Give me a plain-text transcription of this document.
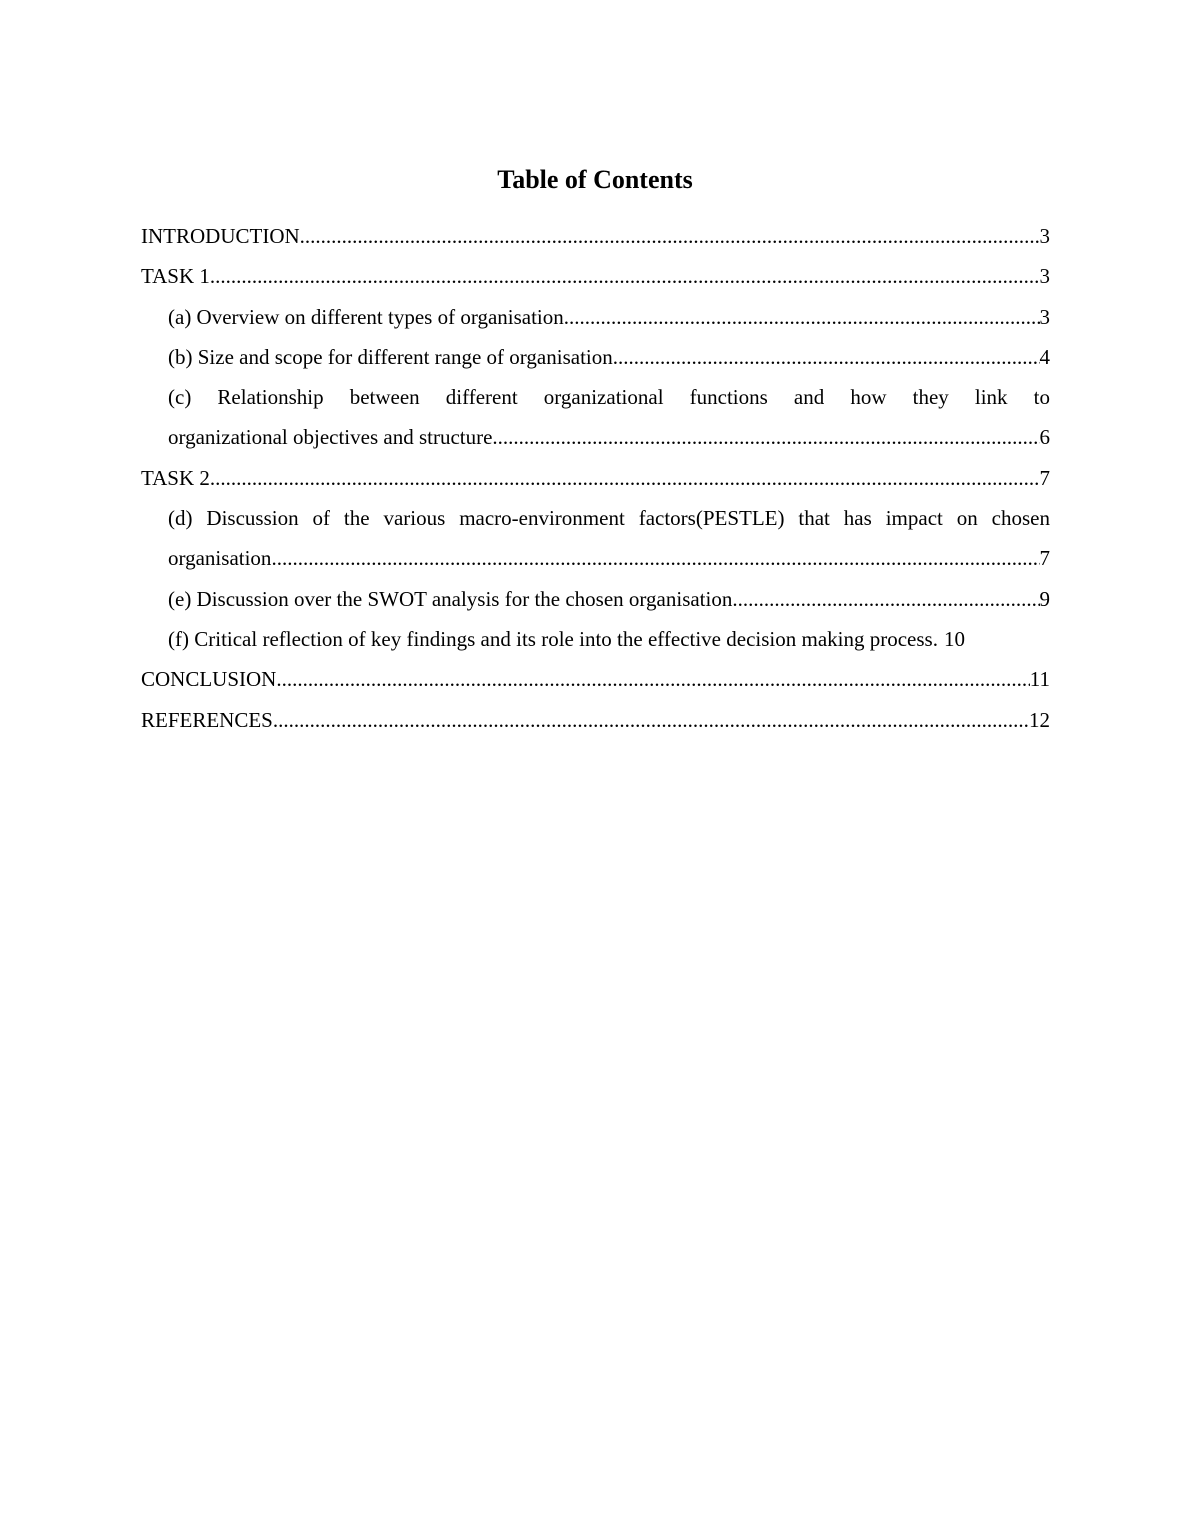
Table of Contents
INTRODUCTION .....	3
TASK 1 .....	3
(a) Overview on different types of organisation .....	3
(b) Size and scope for different range of organisation .....	4
(c) Relationship between different organizational functions and how they link to
organizational objectives and structure .....	6
TASK 2 .....	7
(d) Discussion of the various macro-environment factors(PESTLE) that has impact on chosen
organisation .....	7
(e) Discussion over the SWOT analysis for the chosen organisation .....	9
(f) Critical reflection of key findings and its role into the effective decision making process. 10
CONCLUSION .....	11
REFERENCES .....	12
